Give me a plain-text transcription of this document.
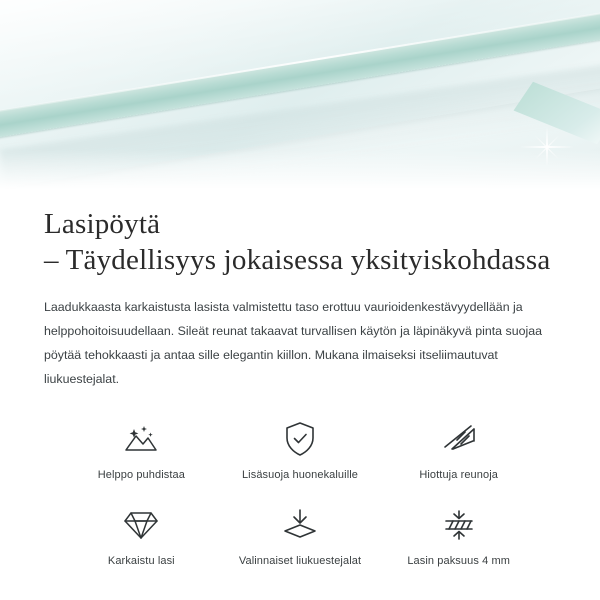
Lasipöytä
– Täydellisyys jokaisessa yksityiskohdassa

Laadukkaasta karkaistusta lasista valmistettu taso erottuu vaurioidenkestävyydellään ja helppohoitoisuudellaan. Sileät reunat takaavat turvallisen käytön ja läpinäkyvä pinta suojaa pöytää tehokkaasti ja antaa sille elegantin kiillon. Mukana ilmaiseksi itseliimautuvat liukuestejalat.

Helppo puhdistaa	Lisäsuoja huonekaluille	Hiottuja reunoja
Karkaistu lasi	Valinnaiset liukuestejalat	Lasin paksuus 4 mm
